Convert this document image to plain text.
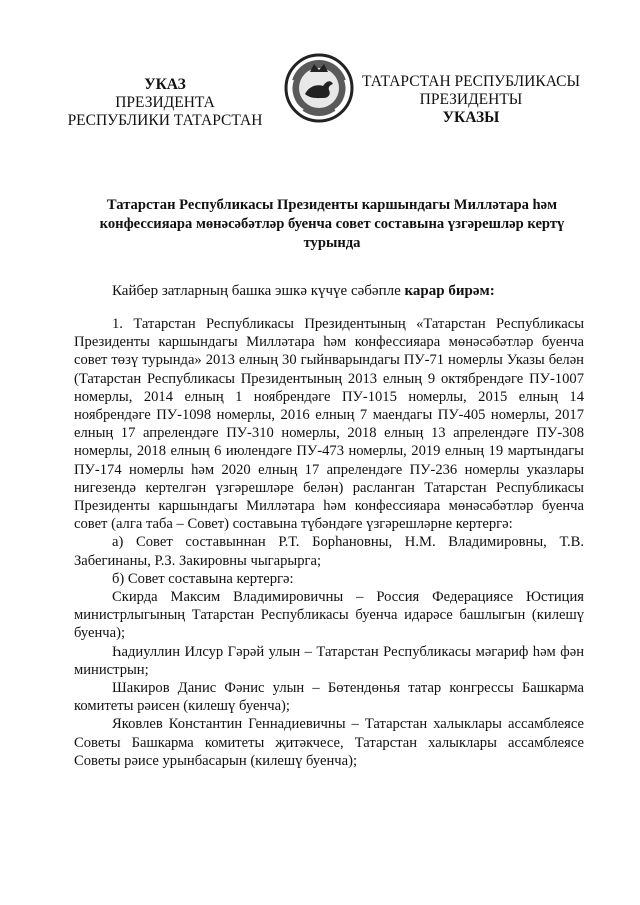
УКАЗ
ПРЕЗИДЕНТА
РЕСПУБЛИКИ ТАТАРСТАН
ТАТАРСТАН РЕСПУБЛИКАСЫ
ПРЕЗИДЕНТЫ
УКАЗЫ
Татарстан Республикасы Президенты каршындагы Милләтара һәм конфессияара мөнәсәбәтләр буенча совет составына үзгәрешләр кертү турында
Кайбер затларның башка эшкә күчүе сәбәпле карар бирәм:

1. Татарстан Республикасы Президентының «Татарстан Республикасы Президенты каршындагы Милләтара һәм конфессияара мөнәсәбәтләр буенча совет төзү турында» 2013 елның 30 гыйнварындагы ПУ-71 номерлы Указы белән (Татарстан Республикасы Президентының 2013 елның 9 октябрендәге ПУ-1007 номерлы, 2014 елның 1 ноябрендәге ПУ-1015 номерлы, 2015 елның 14 ноябрендәге ПУ-1098 номерлы, 2016 елның 7 маендагы ПУ-405 номерлы, 2017 елның 17 апрелендәге ПУ-310 номерлы, 2018 елның 13 апрелендәге ПУ-308 номерлы, 2018 елның 6 июлендәге ПУ-473 номерлы, 2019 елның 19 мартындагы ПУ-174 номерлы һәм 2020 елның 17 апрелендәге ПУ-236 номерлы указлары нигезендә кертелгән үзгәрешләре белән) расланган Татарстан Республикасы Президенты каршындагы Милләтара һәм конфессияара мөнәсәбәтләр буенча совет (алга таба – Совет) составына түбәндәге үзгәрешләрне кертергә:

а) Совет составыннан Р.Т. Борһановны, Н.М. Владимировны, Т.В. Забегинаны, Р.З. Закировны чыгарырга;

б) Совет составына кертергә:

Скирда Максим Владимировичны – Россия Федерациясе Юстиция министрлыгының Татарстан Республикасы буенча идарәсе башлыгын (килешү буенча);

Һадиуллин Илсур Гәрәй улын – Татарстан Республикасы мәгариф һәм фән министрын;

Шакиров Данис Фәнис улын – Бөтендөнья татар конгрессы Башкарма комитеты рәисен (килешү буенча);

Яковлев Константин Геннадиевичны – Татарстан халыклары ассамблеясе Советы Башкарма комитеты җитәкчесе, Татарстан халыклары ассамблеясе Советы рәисе урынбасарын (килешү буенча);
